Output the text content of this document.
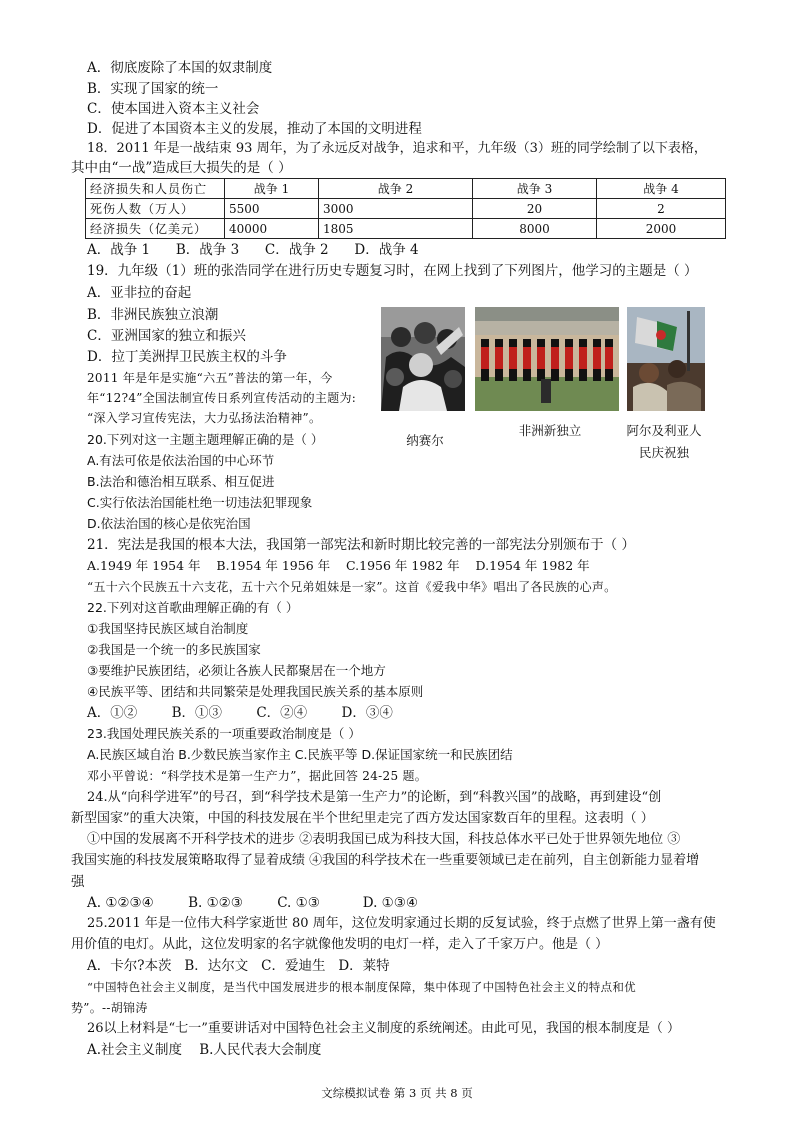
A．彻底废除了本国的奴隶制度
B．实现了国家的统一
C．使本国进入资本主义社会
D．促进了本国资本主义的发展，推动了本国的文明进程
18．2011 年是一战结束 93 周年，为了永远反对战争，追求和平，九年级（3）班的同学绘制了以下表格，
其中由“一战”造成巨大损失的是（ ）
经济损失和人员伤亡	战争 1	战争 2	战争 3	战争 4
死伤人数（万人）	5500	3000	20	2
经济损失（亿美元）	40000	1805	8000	2000
A．战争 1      B．战争 3      C．战争 2      D．战争 4
19．九年级（1）班的张浩同学在进行历史专题复习时，在网上找到了下列图片，他学习的主题是（ ）
A．亚非拉的奋起
B．非洲民族独立浪潮
C．亚洲国家的独立和振兴
D．拉丁美洲捍卫民族主权的斗争
纳赛尔
非洲新独立	阿尔及利亚人民庆祝独
2011 年是年是实施“六五”普法的第一年，今
年“12?4”全国法制宣传日系列宣传活动的主题为:
“深入学习宣传宪法，大力弘扬法治精神”。
20.下列对这一主题主题理解正确的是（ ）
A.有法可依是依法治国的中心环节
B.法治和德治相互联系、相互促进
C.实行依法治国能杜绝一切违法犯罪现象
D.依法治国的核心是依宪治国
21．宪法是我国的根本大法，我国第一部宪法和新时期比较完善的一部宪法分别颁布于（ ）
A.1949 年 1954 年    B.1954 年 1956 年    C.1956 年 1982 年    D.1954 年 1982 年
“五十六个民族五十六支花，五十六个兄弟姐妹是一家”。这首《爱我中华》唱出了各民族的心声。
22.下列对这首歌曲理解正确的有（ ）
①我国坚持民族区域自治制度
②我国是一个统一的多民族国家
③要维护民族团结，必须让各族人民都聚居在一个地方
④民族平等、团结和共同繁荣是处理我国民族关系的基本原则
A．①②        B．①③        C．②④        D．③④
23.我国处理民族关系的一项重要政治制度是（ ）
A.民族区域自治 B.少数民族当家作主 C.民族平等 D.保证国家统一和民族团结
邓小平曾说：“科学技术是第一生产力”，据此回答 24-25 题。
24.从“向科学进军”的号召，到“科学技术是第一生产力”的论断，到“科教兴国”的战略，再到建设“创
新型国家”的重大决策，中国的科技发展在半个世纪里走完了西方发达国家数百年的里程。这表明（ ）
①中国的发展离不开科学技术的进步 ②表明我国已成为科技大国，科技总体水平已处于世界领先地位 ③
我国实施的科技发展策略取得了显着成绩 ④我国的科学技术在一些重要领域已走在前列，自主创新能力显着增
强
A. ①②③④        B. ①②③        C. ①③          D. ①③④
25.2011 年是一位伟大科学家逝世 80 周年，这位发明家通过长期的反复试验，终于点燃了世界上第一盏有使
用价值的电灯。从此，这位发明家的名字就像他发明的电灯一样，走入了千家万户。他是（ ）
A．卡尔?本茨   B．达尔文   C．爱迪生   D．莱特
“中国特色社会主义制度，是当代中国发展进步的根本制度保障，集中体现了中国特色社会主义的特点和优
势”。--胡锦涛
26以上材料是“七一”重要讲话对中国特色社会主义制度的系统阐述。由此可见，我国的根本制度是（ ）
A.社会主义制度    B.人民代表大会制度
文综模拟试卷 第 3 页 共 8 页
